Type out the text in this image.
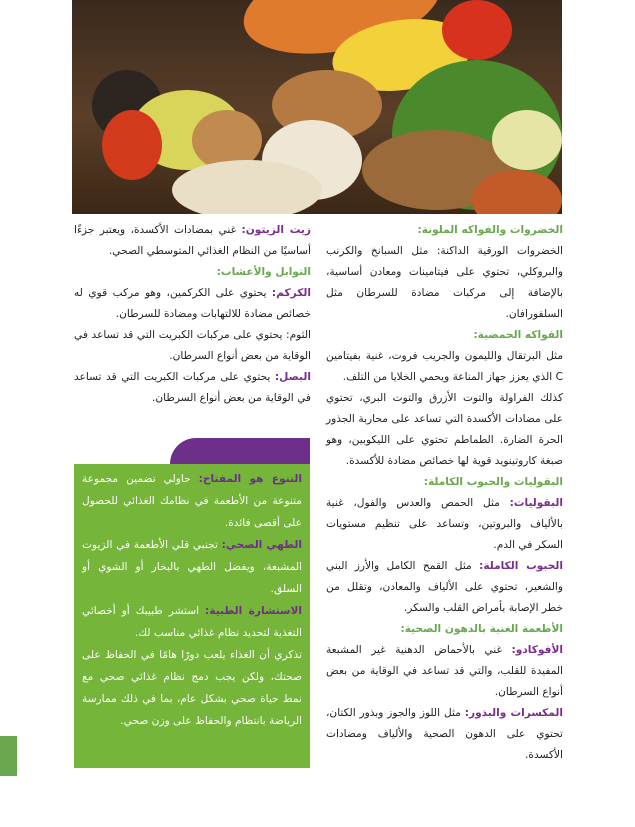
الخضروات والفواكه الملونة:

الخضروات الورقية الداكنة: مثل السبانخ والكرنب والبروكلي، تحتوي على فيتامينات ومعادن أساسية، بالإضافة إلى مركبات مضادة للسرطان مثل السلفورافان.

الفواكه الحمضية:

مثل البرتقال والليمون والجريب فروت، غنية بفيتامين C الذي يعزز جهاز المناعة ويحمي الخلايا من التلف.

كذلك الفراولة والتوت الأزرق والتوت البري، تحتوي على مضادات الأكسدة التي تساعد على محاربة الجذور الحرة الضارة. الطماطم تحتوي على الليكوبين، وهو صبغة كاروتينويد قوية لها خصائص مضادة للأكسدة.

البقوليات والحبوب الكاملة:

البقوليات: مثل الحمص والعدس والفول، غنية بالألياف والبروتين، وتساعد على تنظيم مستويات السكر في الدم.

الحبوب الكاملة: مثل القمح الكامل والأرز البني والشعير، تحتوي على الألياف والمعادن، وتقلل من خطر الإصابة بأمراض القلب والسكر.

الأطعمة الغنية بالدهون الصحية:

الأفوكادو: غني بالأحماض الدهنية غير المشبعة المفيدة للقلب، والتي قد تساعد في الوقاية من بعض أنواع السرطان.

المكسرات والبذور: مثل اللوز والجوز وبذور الكتان، تحتوي على الدهون الصحية والألياف ومضادات الأكسدة.

زيت الزيتون: غني بمضادات الأكسدة، ويعتبر جزءًا أساسيًا من النظام الغذائي المتوسطي الصحي.

التوابل والأعشاب:

الكركم: يحتوي على الكركمين، وهو مركب قوي له خصائص مضادة للالتهابات ومضادة للسرطان.

الثوم: يحتوي على مركبات الكبريت التي قد تساعد في الوقاية من بعض أنواع السرطان.

البصل: يحتوي على مركبات الكبريت التي قد تساعد في الوقاية من بعض أنواع السرطان.

التنوع هو المفتاح: حاولي تضمين مجموعة متنوعة من الأطعمة في نظامك الغذائي للحصول على أقصى فائدة.

الطهي الصحي: تجنبي قلي الأطعمة في الزيوت المشبعة، ويفضل الطهي بالبخار أو الشوي أو السلق.

الاستشارة الطبية: استشر طبيبك أو أخصائي التغذية لتحديد نظام غذائي مناسب لك.

تذكري أن الغذاء يلعب دورًا هامًا في الحفاظ على صحتك، ولكن يجب دمج نظام غذائي صحي مع نمط حياة صحي بشكل عام، بما في ذلك ممارسة الرياضة بانتظام والحفاظ على وزن صحي.
